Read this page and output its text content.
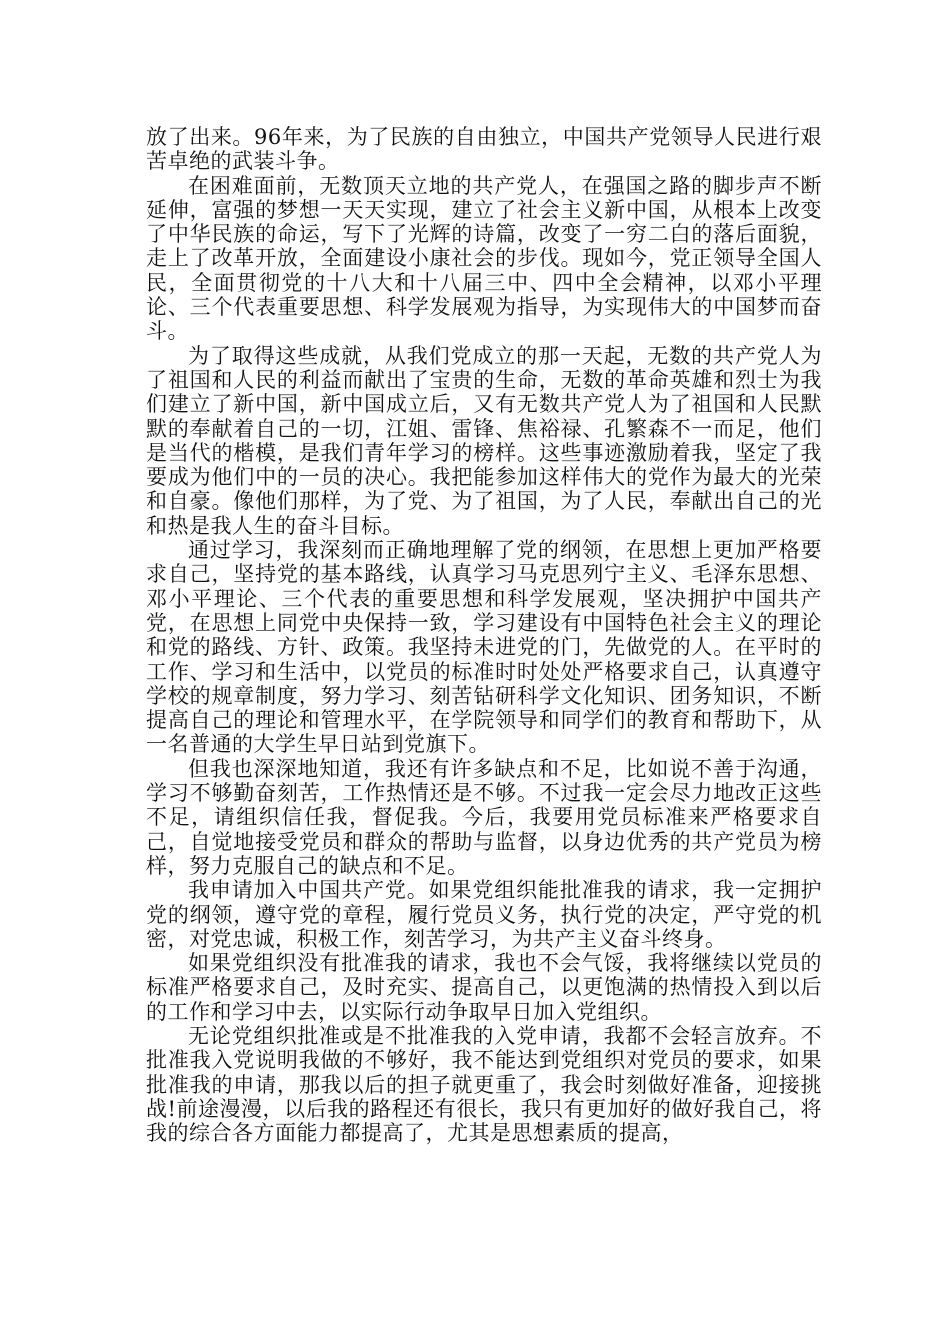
放了出来。96年来，为了民族的自由独立，中国共产党领导人民进行艰苦卓绝的武装斗争。

在困难面前，无数顶天立地的共产党人，在强国之路的脚步声不断延伸，富强的梦想一天天实现，建立了社会主义新中国，从根本上改变了中华民族的命运，写下了光辉的诗篇，改变了一穷二白的落后面貌，走上了改革开放，全面建设小康社会的步伐。现如今，党正领导全国人民，全面贯彻党的十八大和十八届三中、四中全会精神，以邓小平理论、三个代表重要思想、科学发展观为指导，为实现伟大的中国梦而奋斗。

为了取得这些成就，从我们党成立的那一天起，无数的共产党人为了祖国和人民的利益而献出了宝贵的生命，无数的革命英雄和烈士为我们建立了新中国，新中国成立后，又有无数共产党人为了祖国和人民默默的奉献着自己的一切，江姐、雷锋、焦裕禄、孔繁森不一而足，他们是当代的楷模，是我们青年学习的榜样。这些事迹激励着我，坚定了我要成为他们中的一员的决心。我把能参加这样伟大的党作为最大的光荣和自豪。像他们那样，为了党、为了祖国，为了人民，奉献出自己的光和热是我人生的奋斗目标。

通过学习，我深刻而正确地理解了党的纲领，在思想上更加严格要求自己，坚持党的基本路线，认真学习马克思列宁主义、毛泽东思想、邓小平理论、三个代表的重要思想和科学发展观，坚决拥护中国共产党，在思想上同党中央保持一致，学习建设有中国特色社会主义的理论和党的路线、方针、政策。我坚持未进党的门，先做党的人。在平时的工作、学习和生活中，以党员的标准时时处处严格要求自己，认真遵守学校的规章制度，努力学习、刻苦钻研科学文化知识、团务知识，不断提高自己的理论和管理水平，在学院领导和同学们的教育和帮助下，从一名普通的大学生早日站到党旗下。

但我也深深地知道，我还有许多缺点和不足，比如说不善于沟通，学习不够勤奋刻苦，工作热情还是不够。不过我一定会尽力地改正这些不足，请组织信任我，督促我。今后，我要用党员标准来严格要求自己，自觉地接受党员和群众的帮助与监督，以身边优秀的共产党员为榜样，努力克服自己的缺点和不足。

我申请加入中国共产党。如果党组织能批准我的请求，我一定拥护党的纲领，遵守党的章程，履行党员义务，执行党的决定，严守党的机密，对党忠诚，积极工作，刻苦学习，为共产主义奋斗终身。

如果党组织没有批准我的请求，我也不会气馁，我将继续以党员的标准严格要求自己，及时充实、提高自己，以更饱满的热情投入到以后的工作和学习中去，以实际行动争取早日加入党组织。

无论党组织批准或是不批准我的入党申请，我都不会轻言放弃。不批准我入党说明我做的不够好，我不能达到党组织对党员的要求，如果批准我的申请，那我以后的担子就更重了，我会时刻做好准备，迎接挑战!前途漫漫，以后我的路程还有很长，我只有更加好的做好我自己，将我的综合各方面能力都提高了，尤其是思想素质的提高，
